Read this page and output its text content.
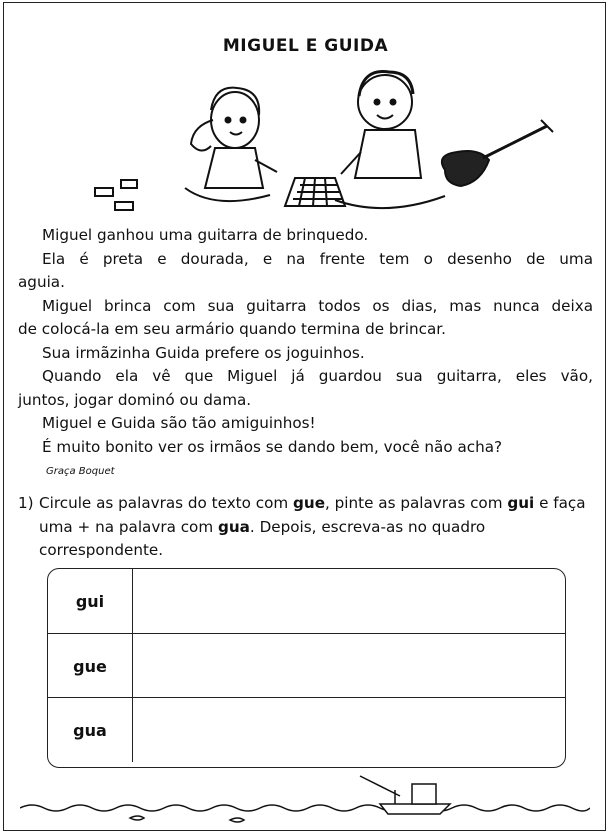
MIGUEL E GUIDA

Miguel ganhou uma guitarra de brinquedo.

Ela é preta e dourada, e na frente tem o desenho de uma

aguia.

Miguel brinca com sua guitarra todos os dias, mas nunca deixa

de colocá-la em seu armário quando termina de brincar.

Sua irmãzinha Guida prefere os joguinhos.

Quando ela vê que Miguel já guardou sua guitarra, eles vão,

juntos, jogar dominó ou dama.

Miguel e Guida são tão amiguinhos!

É muito bonito ver os irmãos se dando bem, você não acha?

Graça Boquet
1) Circule as palavras do texto com gue, pinte as palavras com gui e faça uma + na palavra com gua. Depois, escreva-as no quadro correspondente.
gui
gue
gua
